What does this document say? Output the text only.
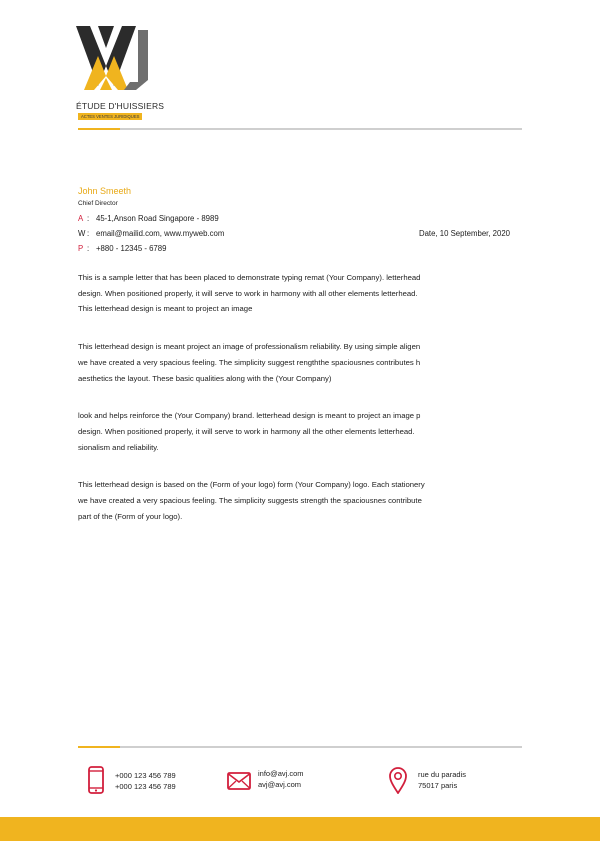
ÉTUDE D'HUISSIERS
ACTES VENTES JURIDIQUES
John Smeeth
Chief Director
A : 45-1,Anson Road Singapore - 8989
W : email@mailid.com, www.myweb.com
P : +880 - 12345 - 6789
Date, 10 September, 2020

This is a sample letter that has been placed to demonstrate typing remat (Your Company). letterhead

design. When positioned properly, it will serve to work in harmony with all other elements letterhead.

This letterhead design is meant to project an image

This letterhead design is meant project an image of professionalism reliability. By using simple aligen

we have created a very spacious feeling. The simplicity suggest rengththe spaciousnes contributes h

aesthetics the layout. These basic qualities along with the (Your Company)

look and helps reinforce the (Your Company) brand. letterhead design is meant to project an image p

design. When positioned properly, it will serve to work in harmony all the other elements letterhead.

sionalism and reliability.

This letterhead design is based on the (Form of your logo) form (Your Company) logo. Each stationery

we have created a very spacious feeling. The simplicity suggests strength the spaciousnes contribute

part of the (Form of your logo).

+000 123 456 789
+000 123 456 789
info@avj.com
avj@avj.com
rue du paradis
75017 paris
